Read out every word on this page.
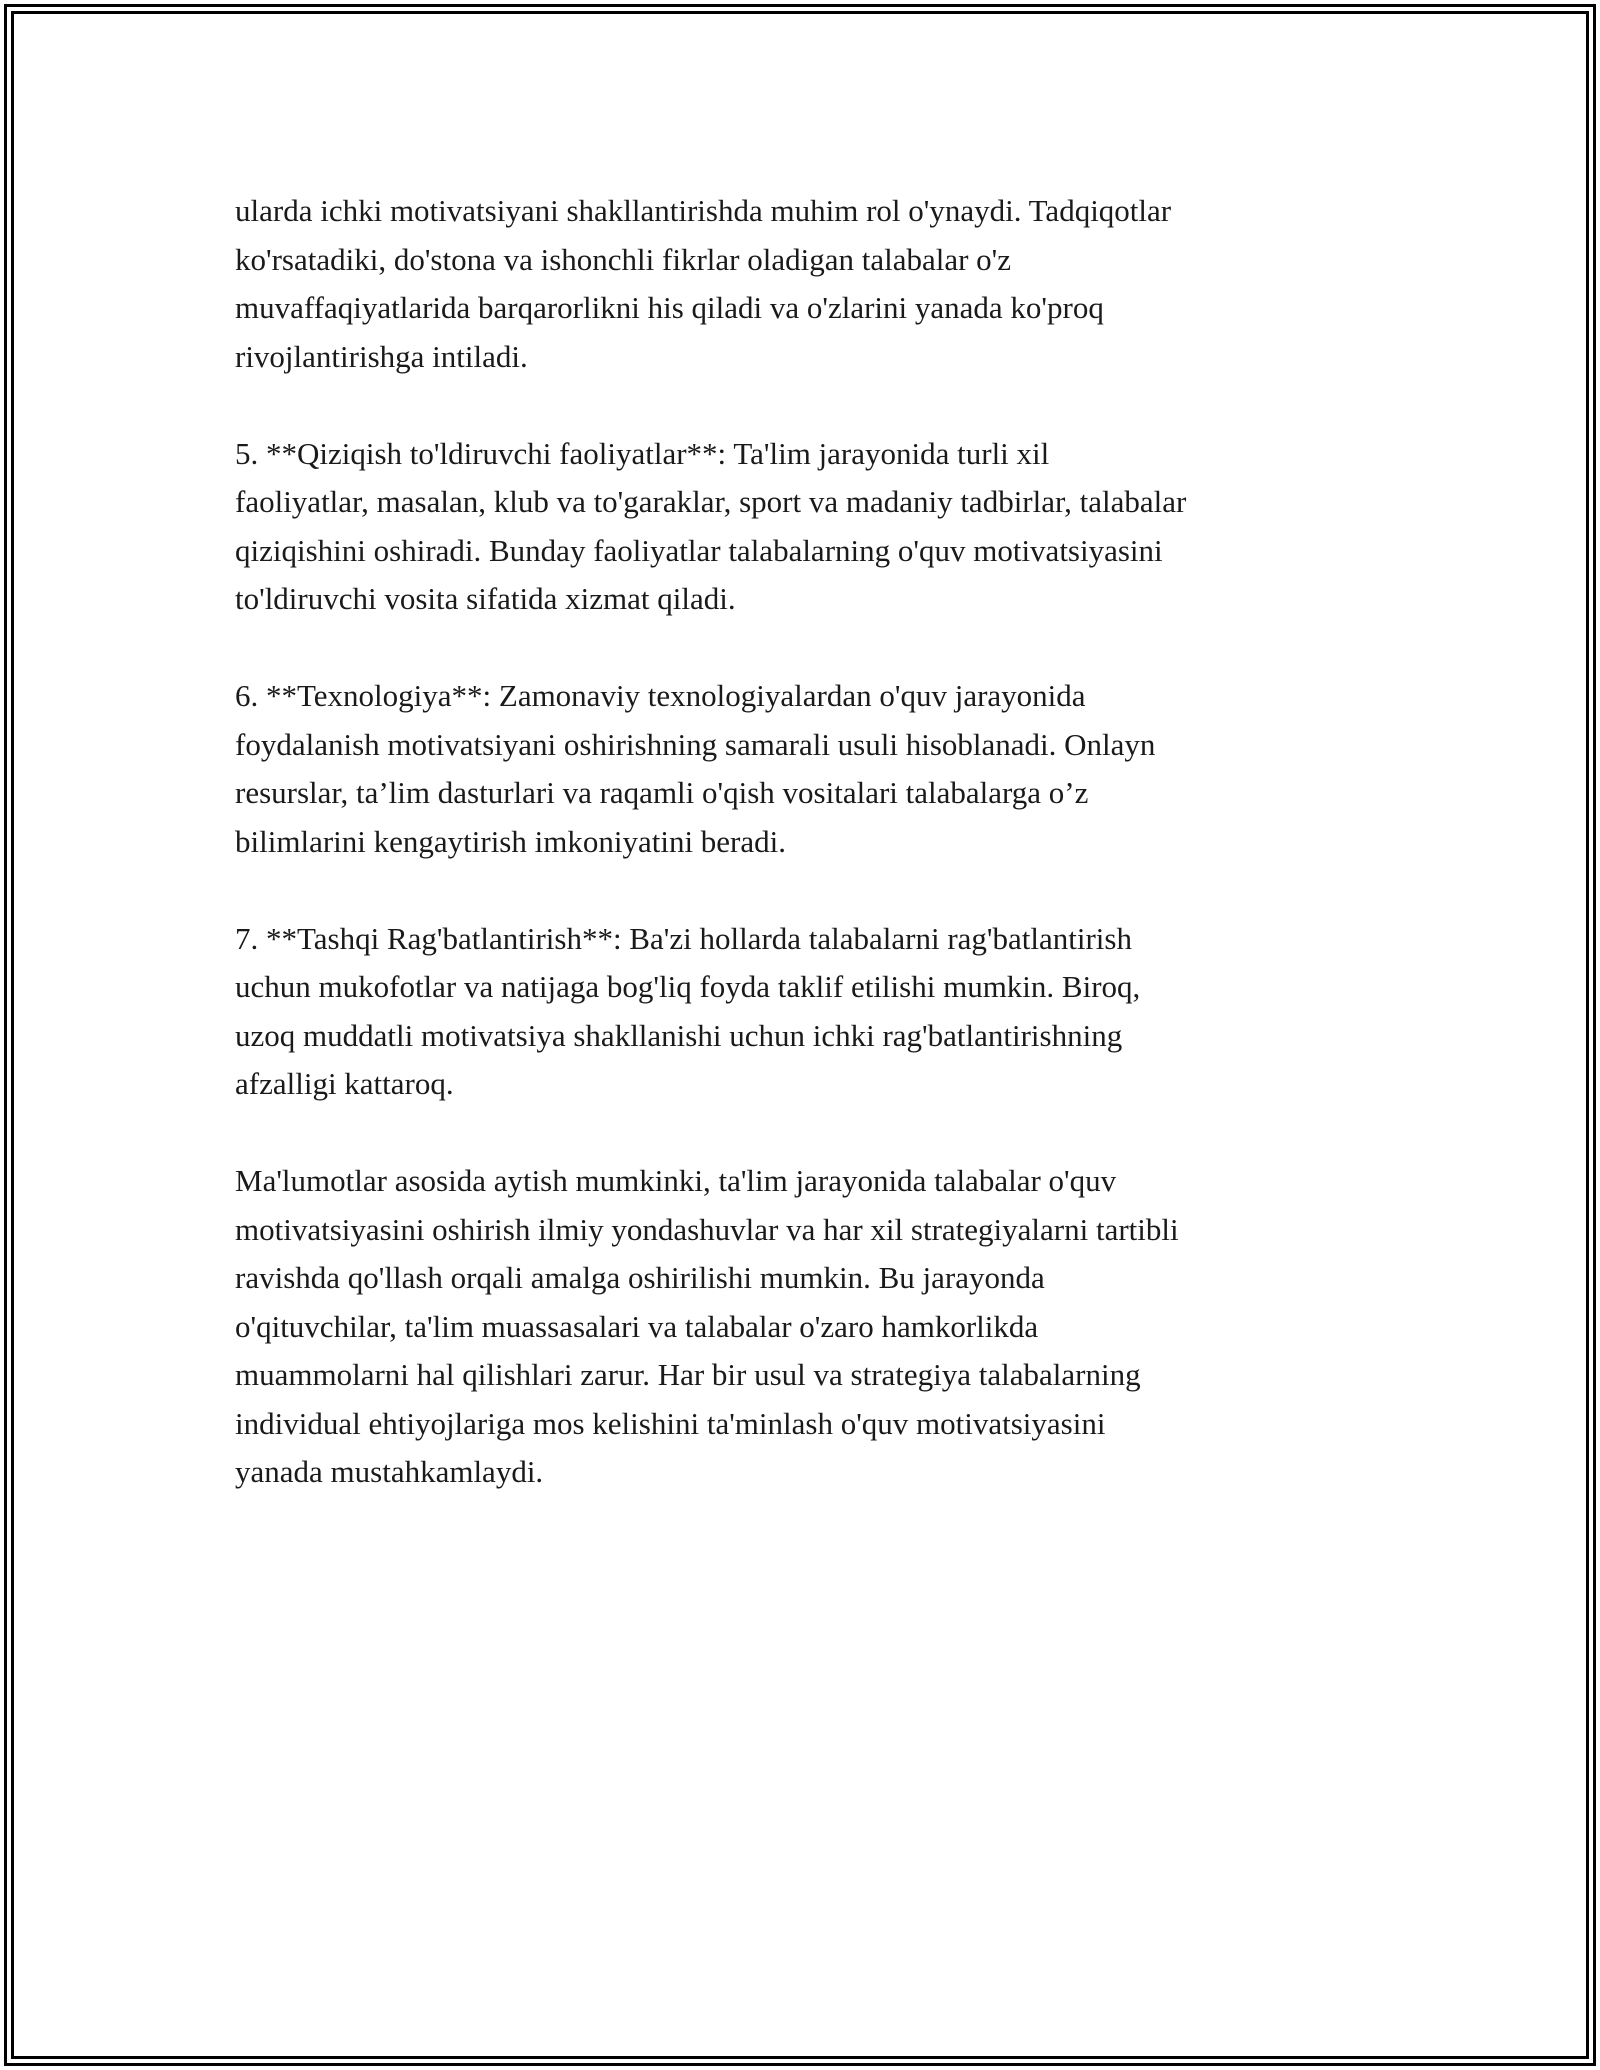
ularda ichki motivatsiyani shakllantirishda muhim rol o'ynaydi. Tadqiqotlar
ko'rsatadiki, do'stona va ishonchli fikrlar oladigan talabalar o'z
muvaffaqiyatlarida barqarorlikni his qiladi va o'zlarini yanada ko'proq
rivojlantirishga intiladi.

5. **Qiziqish to'ldiruvchi faoliyatlar**: Ta'lim jarayonida turli xil
faoliyatlar, masalan, klub va to'garaklar, sport va madaniy tadbirlar, talabalar
qiziqishini oshiradi. Bunday faoliyatlar talabalarning o'quv motivatsiyasini
to'ldiruvchi vosita sifatida xizmat qiladi.

6. **Texnologiya**: Zamonaviy texnologiyalardan o'quv jarayonida
foydalanish motivatsiyani oshirishning samarali usuli hisoblanadi. Onlayn
resurslar, ta’lim dasturlari va raqamli o'qish vositalari talabalarga o’z
bilimlarini kengaytirish imkoniyatini beradi.

7. **Tashqi Rag'batlantirish**: Ba'zi hollarda talabalarni rag'batlantirish
uchun mukofotlar va natijaga bog'liq foyda taklif etilishi mumkin. Biroq,
uzoq muddatli motivatsiya shakllanishi uchun ichki rag'batlantirishning
afzalligi kattaroq.

Ma'lumotlar asosida aytish mumkinki, ta'lim jarayonida talabalar o'quv
motivatsiyasini oshirish ilmiy yondashuvlar va har xil strategiyalarni tartibli
ravishda qo'llash orqali amalga oshirilishi mumkin. Bu jarayonda
o'qituvchilar, ta'lim muassasalari va talabalar o'zaro hamkorlikda
muammolarni hal qilishlari zarur. Har bir usul va strategiya talabalarning
individual ehtiyojlariga mos kelishini ta'minlash o'quv motivatsiyasini
yanada mustahkamlaydi.
